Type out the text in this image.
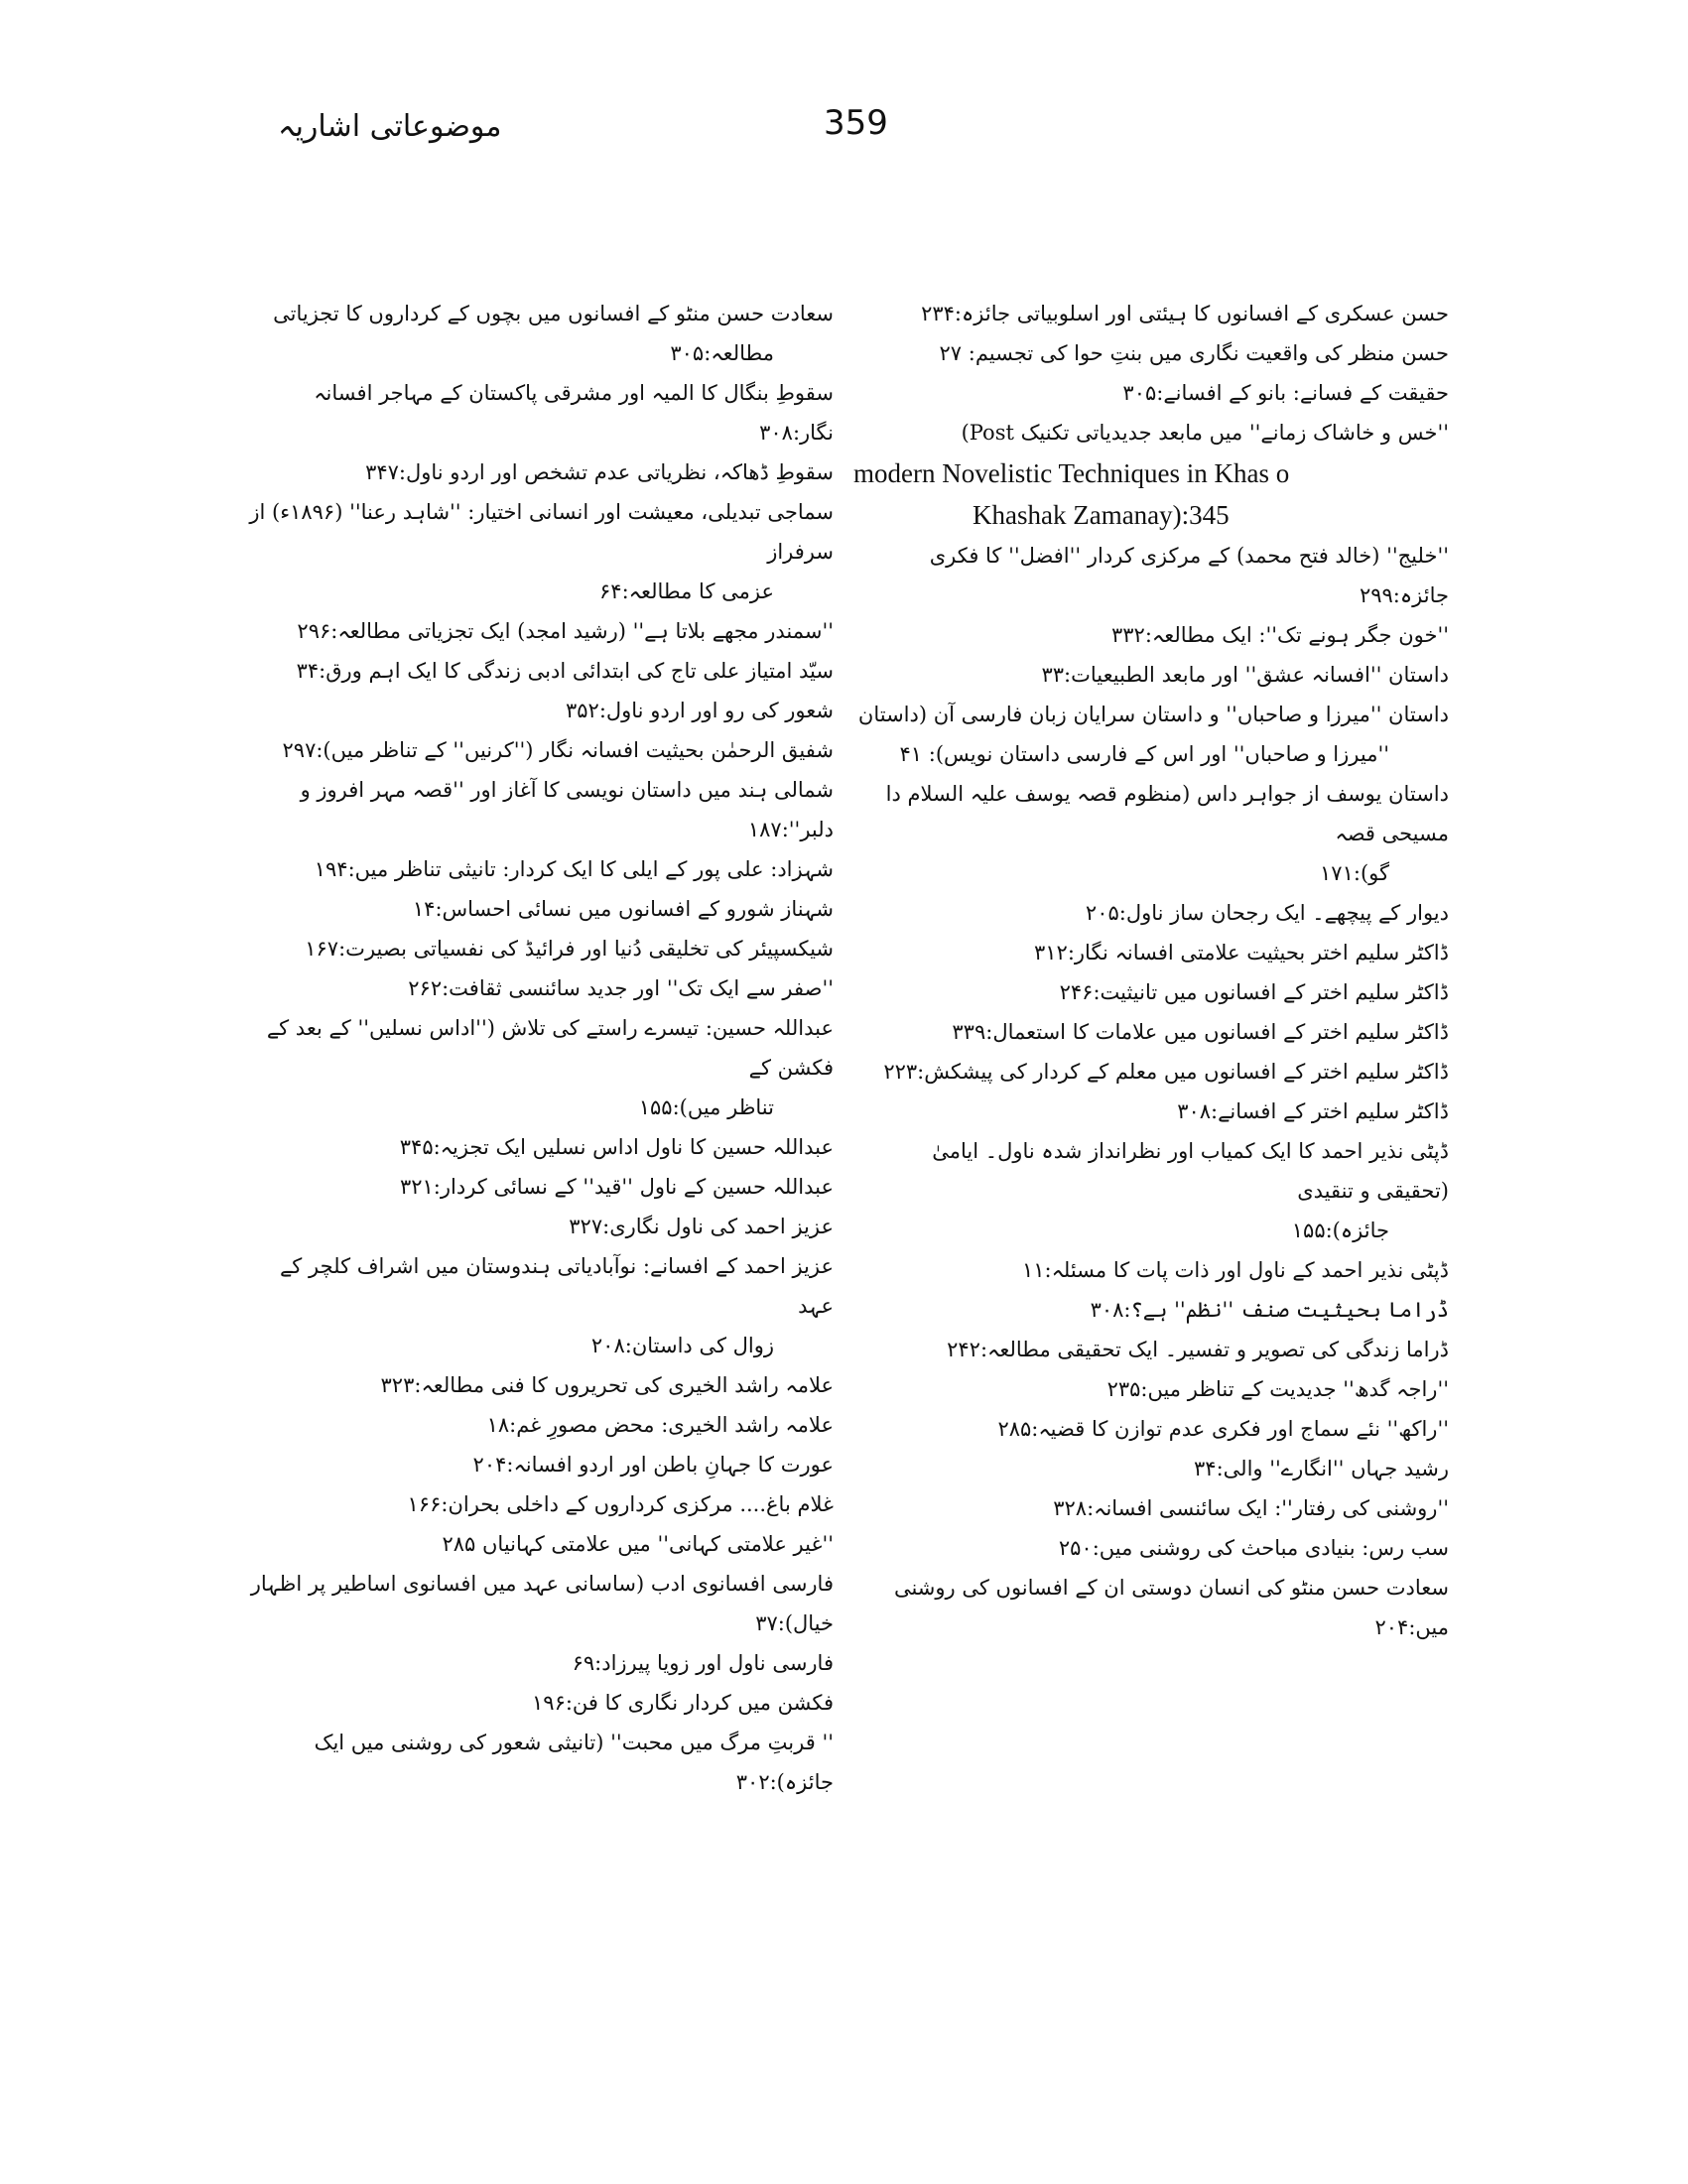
موضوعاتی اشاریہ	359
حسن عسکری کے افسانوں کا ہیئتی اور اسلوبیاتی جائزہ:۲۳۴
حسن منظر کی واقعیت نگاری میں بنتِ حوا کی تجسیم: ۲۷
حقیقت کے فسانے: بانو کے افسانے:۳۰۵
''خس و خاشاک زمانے'' میں مابعد جدیدیاتی تکنیک Post)
modern Novelistic Techniques in Khas o
Khashak Zamanay):345
''خلیج'' (خالد فتح محمد) کے مرکزی کردار ''افضل'' کا فکری جائزہ:۲۹۹
''خون جگر ہونے تک'': ایک مطالعہ:۳۳۲
داستان ''افسانہ عشق'' اور مابعد الطبیعیات:۳۳
داستان ''میرزا و صاحباں'' و داستان سرایان زبان فارسی آن (داستان
''میرزا و صاحباں'' اور اس کے فارسی داستان نویس): ۴۱
داستان یوسف از جواہر داس (منظوم قصہ یوسف علیہ السلام دا مسیحی قصہ
گو):۱۷۱
دیوار کے پیچھے۔ ایک رجحان ساز ناول:۲۰۵
ڈاکٹر سلیم اختر بحیثیت علامتی افسانہ نگار:۳۱۲
ڈاکٹر سلیم اختر کے افسانوں میں تانیثیت:۲۴۶
ڈاکٹر سلیم اختر کے افسانوں میں علامات کا استعمال:۳۳۹
ڈاکٹر سلیم اختر کے افسانوں میں معلم کے کردار کی پیشکش:۲۲۳
ڈاکٹر سلیم اختر کے افسانے:۳۰۸
ڈپٹی نذیر احمد کا ایک کمیاب اور نظرانداز شدہ ناول۔ ایامیٰ (تحقیقی و تنقیدی
جائزہ):۱۵۵
ڈپٹی نذیر احمد کے ناول اور ذات پات کا مسئلہ:۱۱
ڈراما بحیثیت صنف ''نظم'' ہے؟:۳۰۸
ڈراما زندگی کی تصویر و تفسیر۔ ایک تحقیقی مطالعہ:۲۴۲
''راجہ گدھ'' جدیدیت کے تناظر میں:۲۳۵
''راکھ'' نئے سماج اور فکری عدم توازن کا قضیہ:۲۸۵
رشید جہاں ''انگارے'' والی:۳۴
''روشنی کی رفتار'': ایک سائنسی افسانہ:۳۲۸
سب رس: بنیادی مباحث کی روشنی میں:۲۵۰
سعادت حسن منٹو کی انسان دوستی ان کے افسانوں کی روشنی میں:۲۰۴
سعادت حسن منٹو کے افسانوں میں بچوں کے کرداروں کا تجزیاتی
مطالعہ:۳۰۵
سقوطِ بنگال کا المیہ اور مشرقی پاکستان کے مہاجر افسانہ نگار:۳۰۸
سقوطِ ڈھاکہ، نظریاتی عدم تشخص اور اردو ناول:۳۴۷
سماجی تبدیلی، معیشت اور انسانی اختیار: ''شاہد رعنا'' (۱۸۹۶ء) از سرفراز
عزمی کا مطالعہ:۶۴
''سمندر مجھے بلاتا ہے'' (رشید امجد) ایک تجزیاتی مطالعہ:۲۹۶
سیّد امتیاز علی تاج کی ابتدائی ادبی زندگی کا ایک اہم ورق:۳۴
شعور کی رو اور اردو ناول:۳۵۲
شفیق الرحمٰن بحیثیت افسانہ نگار (''کرنیں'' کے تناظر میں):۲۹۷
شمالی ہند میں داستان نویسی کا آغاز اور ''قصہ مہر افروز و دلبر'':۱۸۷
شہزاد: علی پور کے ایلی کا ایک کردار: تانیثی تناظر میں:۱۹۴
شہناز شورو کے افسانوں میں نسائی احساس:۱۴
شیکسپیئر کی تخلیقی دُنیا اور فرائیڈ کی نفسیاتی بصیرت:۱۶۷
''صفر سے ایک تک'' اور جدید سائنسی ثقافت:۲۶۲
عبداللہ حسین: تیسرے راستے کی تلاش (''اداس نسلیں'' کے بعد کے فکشن کے
تناظر میں):۱۵۵
عبداللہ حسین کا ناول اداس نسلیں ایک تجزیہ:۳۴۵
عبداللہ حسین کے ناول ''قید'' کے نسائی کردار:۳۲۱
عزیز احمد کی ناول نگاری:۳۲۷
عزیز احمد کے افسانے: نوآبادیاتی ہندوستان میں اشراف کلچر کے عہد
زوال کی داستان:۲۰۸
علامہ راشد الخیری کی تحریروں کا فنی مطالعہ:۳۲۳
علامہ راشد الخیری: محض مصورِ غم:۱۸
عورت کا جہانِ باطن اور اردو افسانہ:۲۰۴
غلام باغ.... مرکزی کرداروں کے داخلی بحران:۱۶۶
''غیر علامتی کہانی'' میں علامتی کہانیاں ۲۸۵
فارسی افسانوی ادب (ساسانی عہد میں افسانوی اساطیر پر اظہار خیال):۳۷
فارسی ناول اور زویا پیرزاد:۶۹
فکشن میں کردار نگاری کا فن:۱۹۶
'' قربتِ مرگ میں محبت'' (تانیثی شعور کی روشنی میں ایک جائزہ):۳۰۲
